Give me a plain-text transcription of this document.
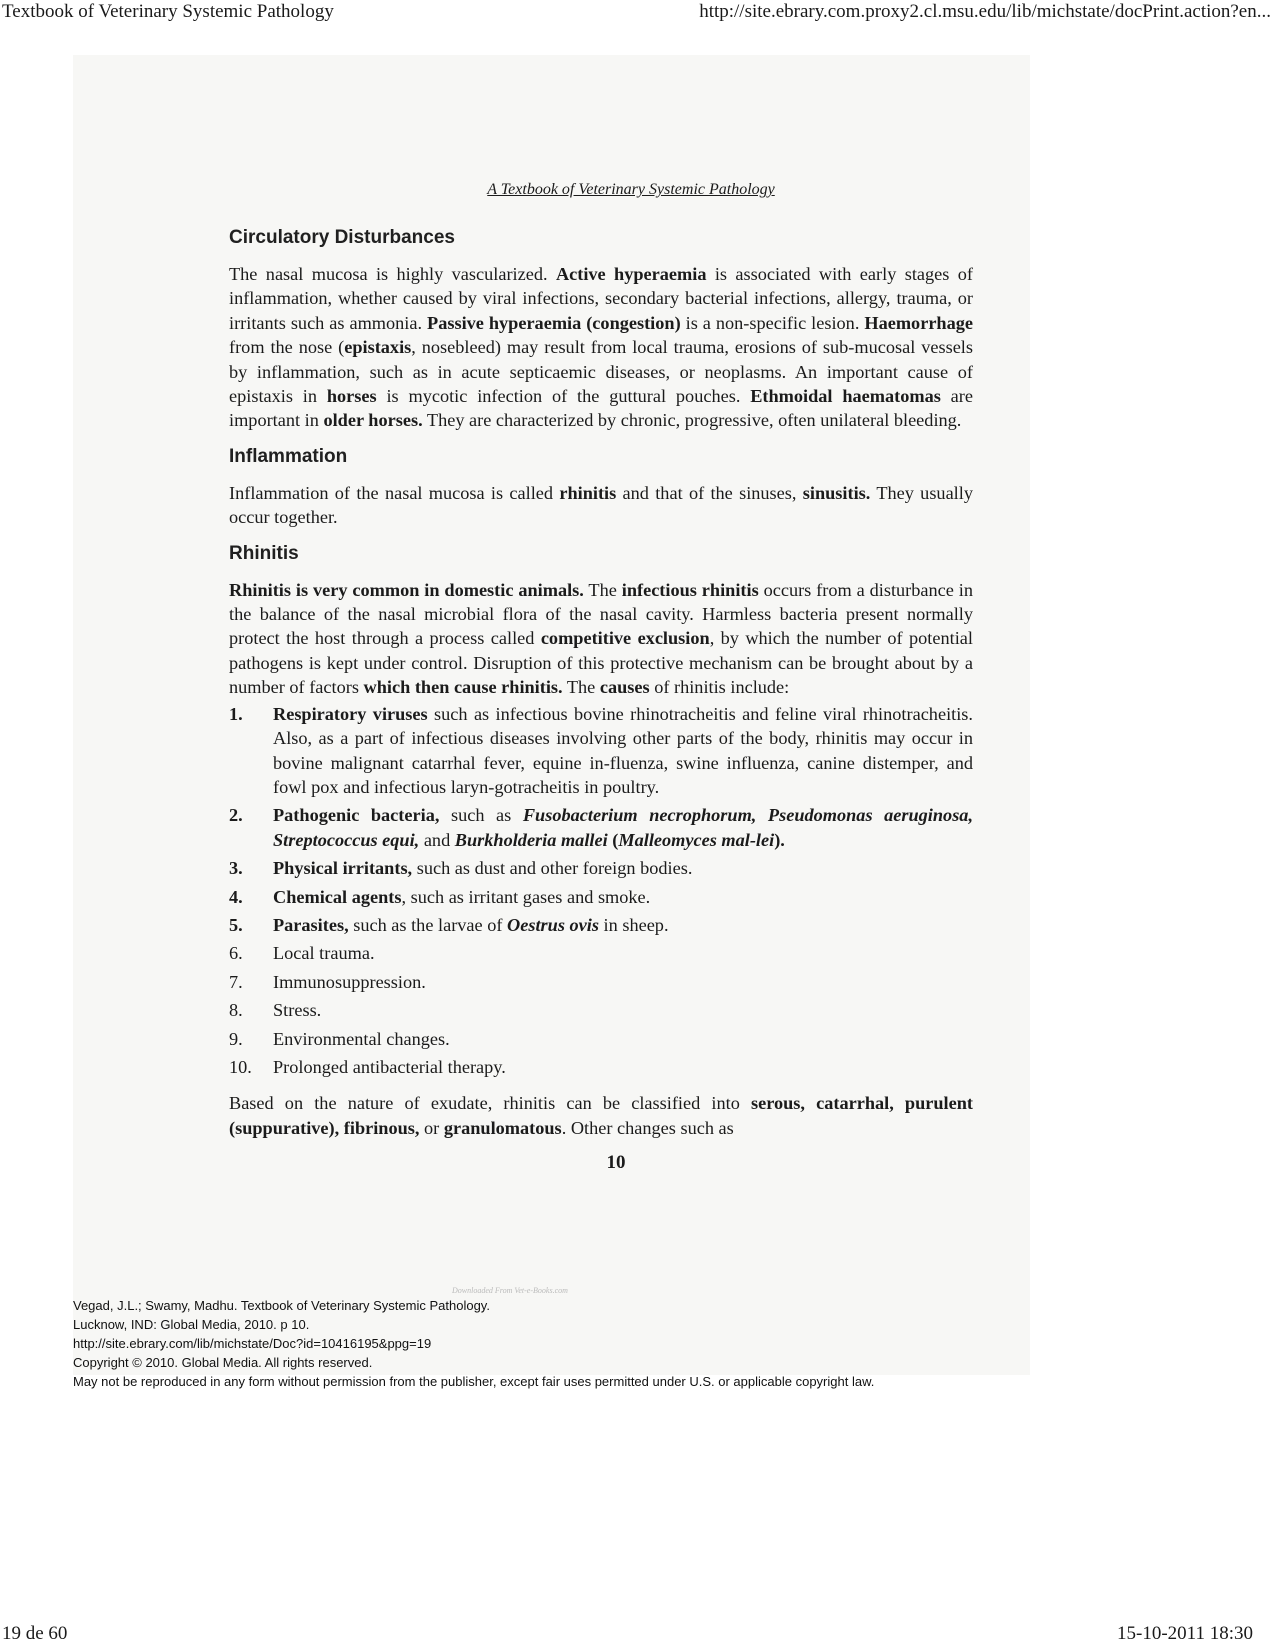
Textbook of Veterinary Systemic Pathology	http://site.ebrary.com.proxy2.cl.msu.edu/lib/michstate/docPrint.action?en...
A Textbook of Veterinary Systemic Pathology
Circulatory Disturbances

The nasal mucosa is highly vascularized. Active hyperaemia is associated with early stages of inflammation, whether caused by viral infections, secondary bacterial infections, allergy, trauma, or irritants such as ammonia. Passive hyperaemia (congestion) is a non-specific lesion. Haemorrhage from the nose (epistaxis, nosebleed) may result from local trauma, erosions of sub-mucosal vessels by inflammation, such as in acute septicaemic diseases, or neoplasms. An important cause of epistaxis in horses is mycotic infection of the guttural pouches. Ethmoidal haematomas are important in older horses. They are characterized by chronic, progressive, often unilateral bleeding.

Inflammation

Inflammation of the nasal mucosa is called rhinitis and that of the sinuses, sinusitis. They usually occur together.

Rhinitis

Rhinitis is very common in domestic animals. The infectious rhinitis occurs from a disturbance in the balance of the nasal microbial flora of the nasal cavity. Harmless bacteria present normally protect the host through a process called competitive exclusion, by which the number of potential pathogens is kept under control. Disruption of this protective mechanism can be brought about by a number of factors which then cause rhinitis. The causes of rhinitis include:

1. Respiratory viruses such as infectious bovine rhinotracheitis and feline viral rhinotracheitis. Also, as a part of infectious diseases involving other parts of the body, rhinitis may occur in bovine malignant catarrhal fever, equine in-fluenza, swine influenza, canine distemper, and fowl pox and infectious laryn-gotracheitis in poultry.
2. Pathogenic bacteria, such as Fusobacterium necrophorum, Pseudomonas aeruginosa, Streptococcus equi, and Burkholderia mallei (Malleomyces mal-lei).
3. Physical irritants, such as dust and other foreign bodies.
4. Chemical agents, such as irritant gases and smoke.
5. Parasites, such as the larvae of Oestrus ovis in sheep.
6. Local trauma.
7. Immunosuppression.
8. Stress.
9. Environmental changes.
10. Prolonged antibacterial therapy.

Based on the nature of exudate, rhinitis can be classified into serous, catarrhal, purulent (suppurative), fibrinous, or granulomatous. Other changes such as

10
Downloaded From Vet-e-Books.com
Vegad, J.L.; Swamy, Madhu. Textbook of Veterinary Systemic Pathology.
Lucknow, IND: Global Media, 2010. p 10.
http://site.ebrary.com/lib/michstate/Doc?id=10416195&ppg=19
Copyright © 2010. Global Media. All rights reserved.
May not be reproduced in any form without permission from the publisher, except fair uses permitted under U.S. or applicable copyright law.
19 de 60	15-10-2011 18:30
